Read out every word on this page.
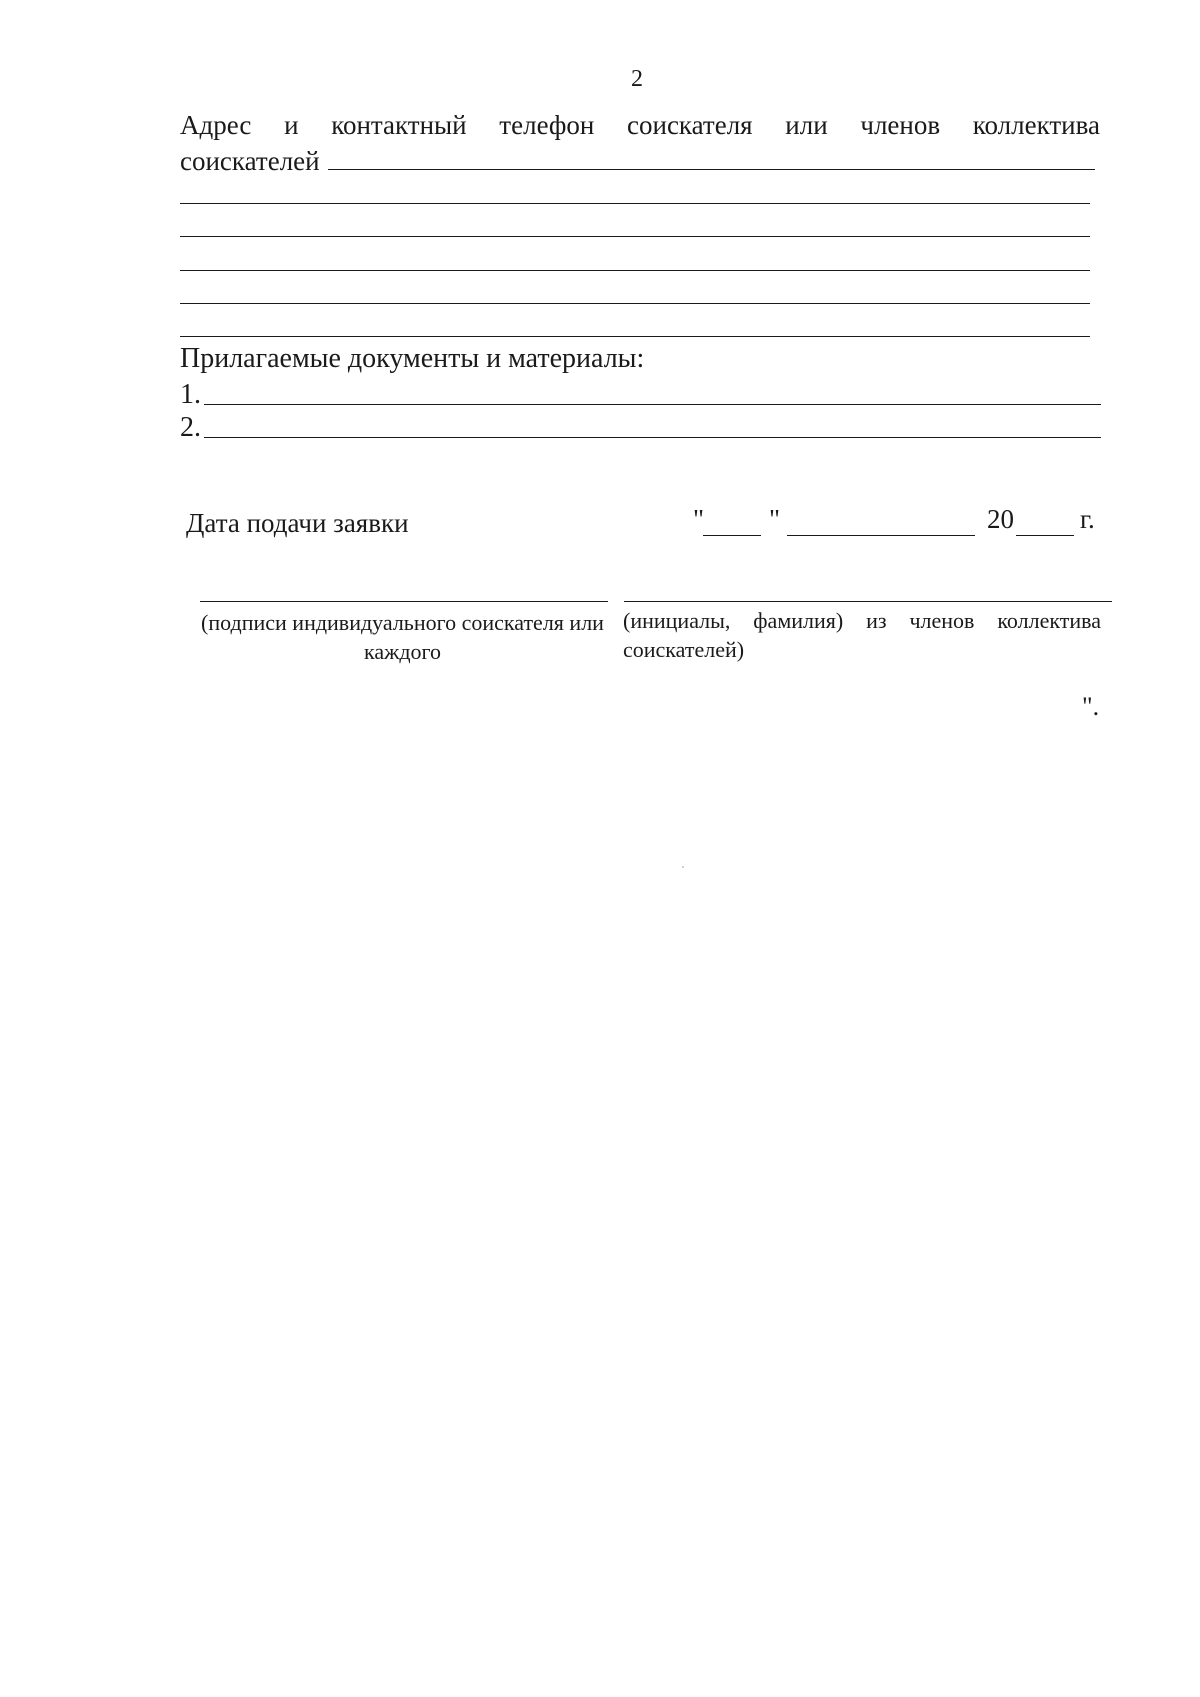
2
Адрес и контактный телефон соискателя или членов коллектива
соискателей
Прилагаемые документы и материалы:
1.
2.
Дата подачи заявки	" "	20 г.
(подписи индивидуального соискателя или каждого
(инициалы, фамилия) из членов коллектива соискателей)
".
